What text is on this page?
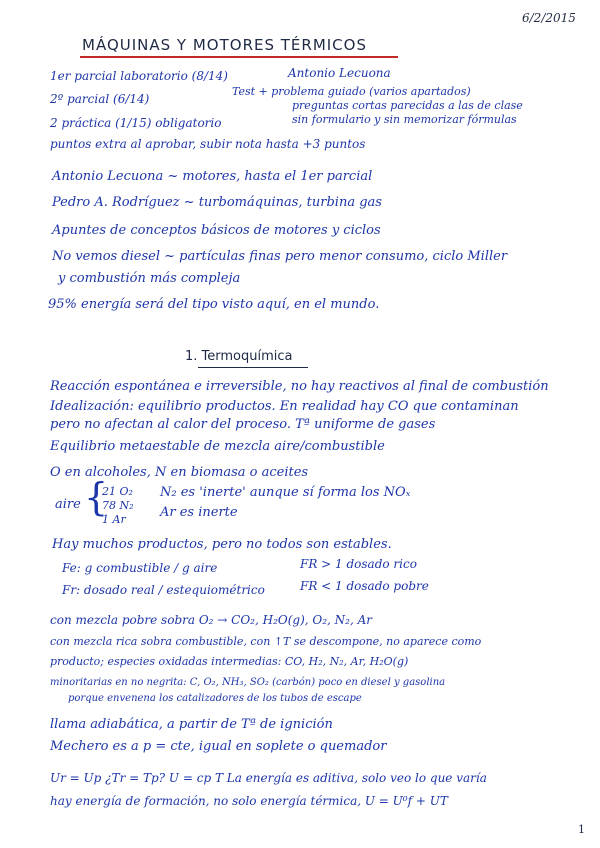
6/2/2015
MÁQUINAS Y MOTORES TÉRMICOS
1er parcial laboratorio (8/14)	Antonio Lecuona
2º parcial (6/14)
Test + problema guiado (varios apartados)
preguntas cortas parecidas a las de clase
2 práctica (1/15) obligatorio	sin formulario y sin memorizar fórmulas
puntos extra al aprobar, subir nota hasta +3 puntos
Antonio Lecuona ~ motores, hasta el 1er parcial
Pedro A. Rodríguez ~ turbomáquinas, turbina gas
Apuntes de conceptos básicos de motores y ciclos
No vemos diesel ~ partículas finas pero menor consumo, ciclo Miller
y combustión más compleja
95% energía será del tipo visto aquí, en el mundo.
1. Termoquímica
Reacción espontánea e irreversible, no hay reactivos al final de combustión
Idealización: equilibrio productos. En realidad hay CO que contaminan
pero no afectan al calor del proceso. Tª uniforme de gases
Equilibrio metaestable de mezcla aire/combustible
O en alcoholes, N en biomasa o aceites
aire {
21 O₂
78 N₂
1 Ar
N₂ es 'inerte' aunque sí forma los NOₓ
Ar es inerte
Hay muchos productos, pero no todos son estables.
Fe: g combustible / g aire	FR > 1 dosado rico
Fr: dosado real / estequiométrico	FR < 1 dosado pobre
con mezcla pobre sobra O₂ → CO₂, H₂O(g), O₂, N₂, Ar
con mezcla rica sobra combustible, con ↑T se descompone, no aparece como
producto; especies oxidadas intermedias: CO, H₂, N₂, Ar, H₂O(g)
minoritarias en no negrita: C, O₂, NH₃, SO₂ (carbón) poco en diesel y gasolina
porque envenena los catalizadores de los tubos de escape
llama adiabática, a partir de Tª de ignición
Mechero es a p = cte, igual en soplete o quemador
Ur = Up ¿Tr = Tp? U = cp T La energía es aditiva, solo veo lo que varía
hay energía de formación, no solo energía térmica, U = U⁰f + UT
1
